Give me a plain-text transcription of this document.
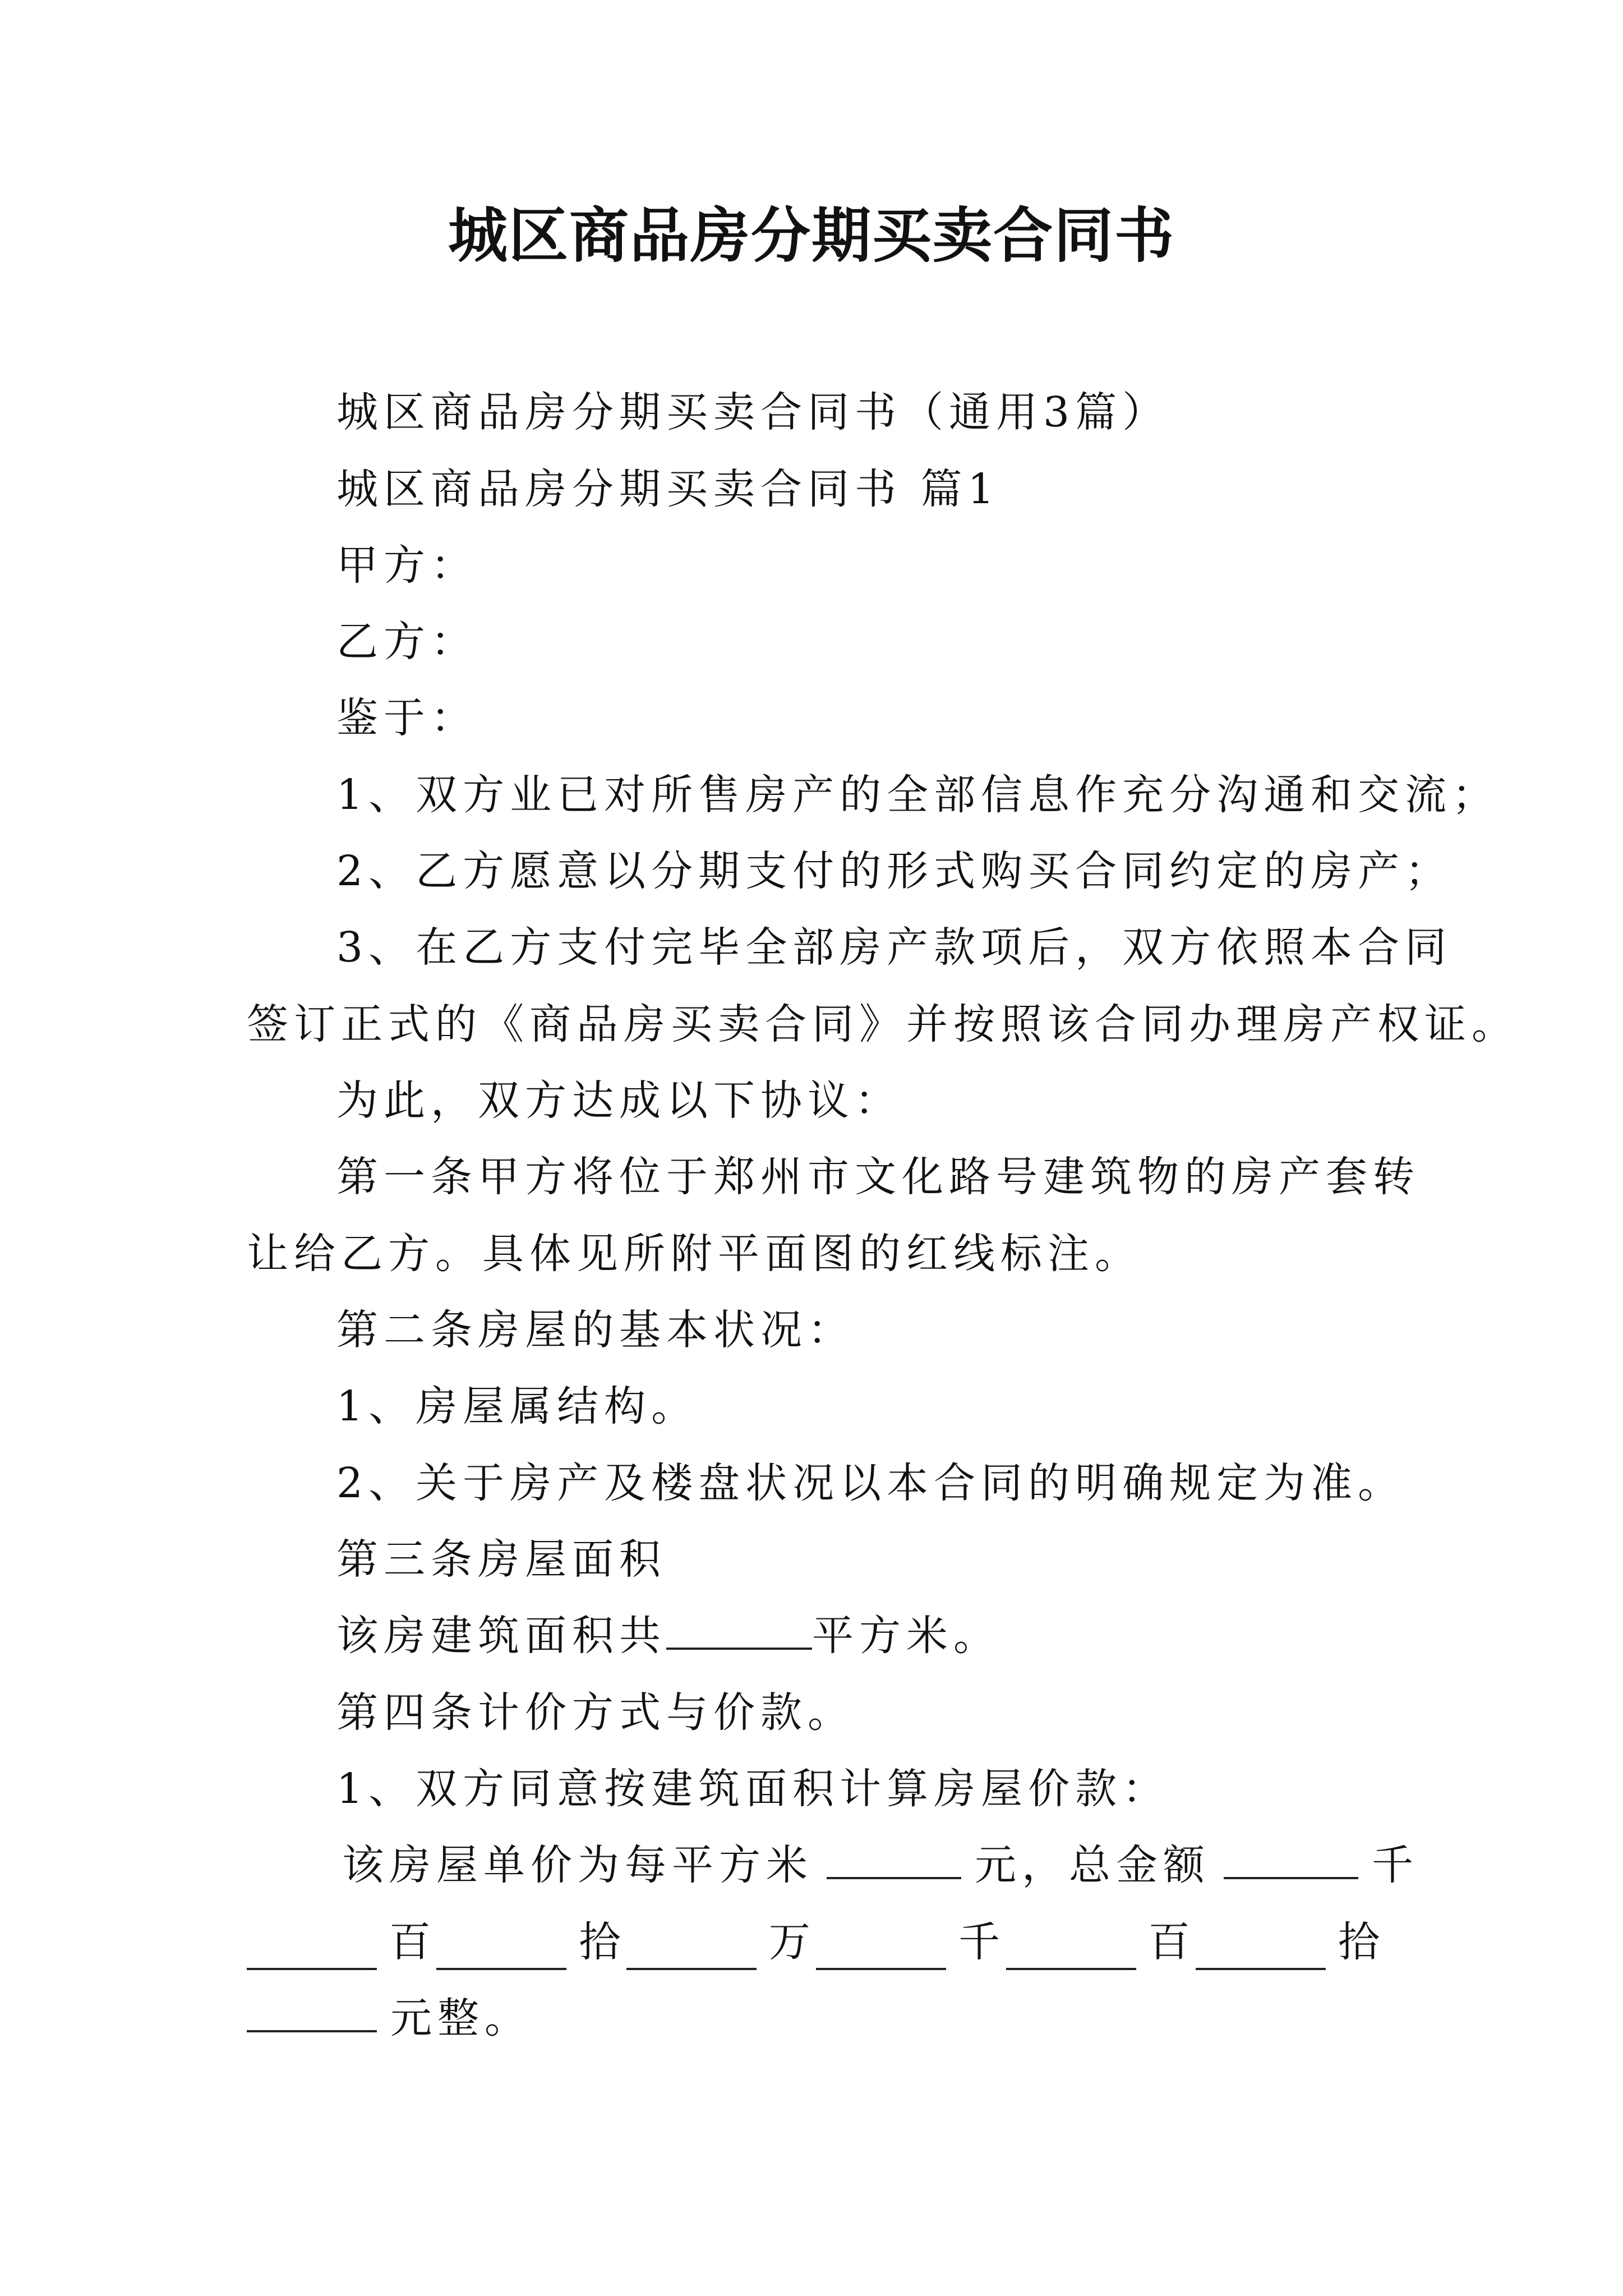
城区商品房分期买卖合同书
城区商品房分期买卖合同书（通用3篇）
城区商品房分期买卖合同书 篇1
甲方：
乙方：
鉴于：
1、双方业已对所售房产的全部信息作充分沟通和交流；
2、乙方愿意以分期支付的形式购买合同约定的房产；
3、在乙方支付完毕全部房产款项后，双方依照本合同
签订正式的《商品房买卖合同》并按照该合同办理房产权证。
为此，双方达成以下协议：
第一条甲方将位于郑州市文化路号建筑物的房产套转
让给乙方。具体见所附平面图的红线标注。
第二条房屋的基本状况：
1、房屋属结构。
2、关于房产及楼盘状况以本合同的明确规定为准。
第三条房屋面积
该房建筑面积共	平方米。
第四条计价方式与价款。
1、双方同意按建筑面积计算房屋价款：
该房屋单价为每平方米	元，总金额	千
百	拾	万	千	百	拾
元整。
